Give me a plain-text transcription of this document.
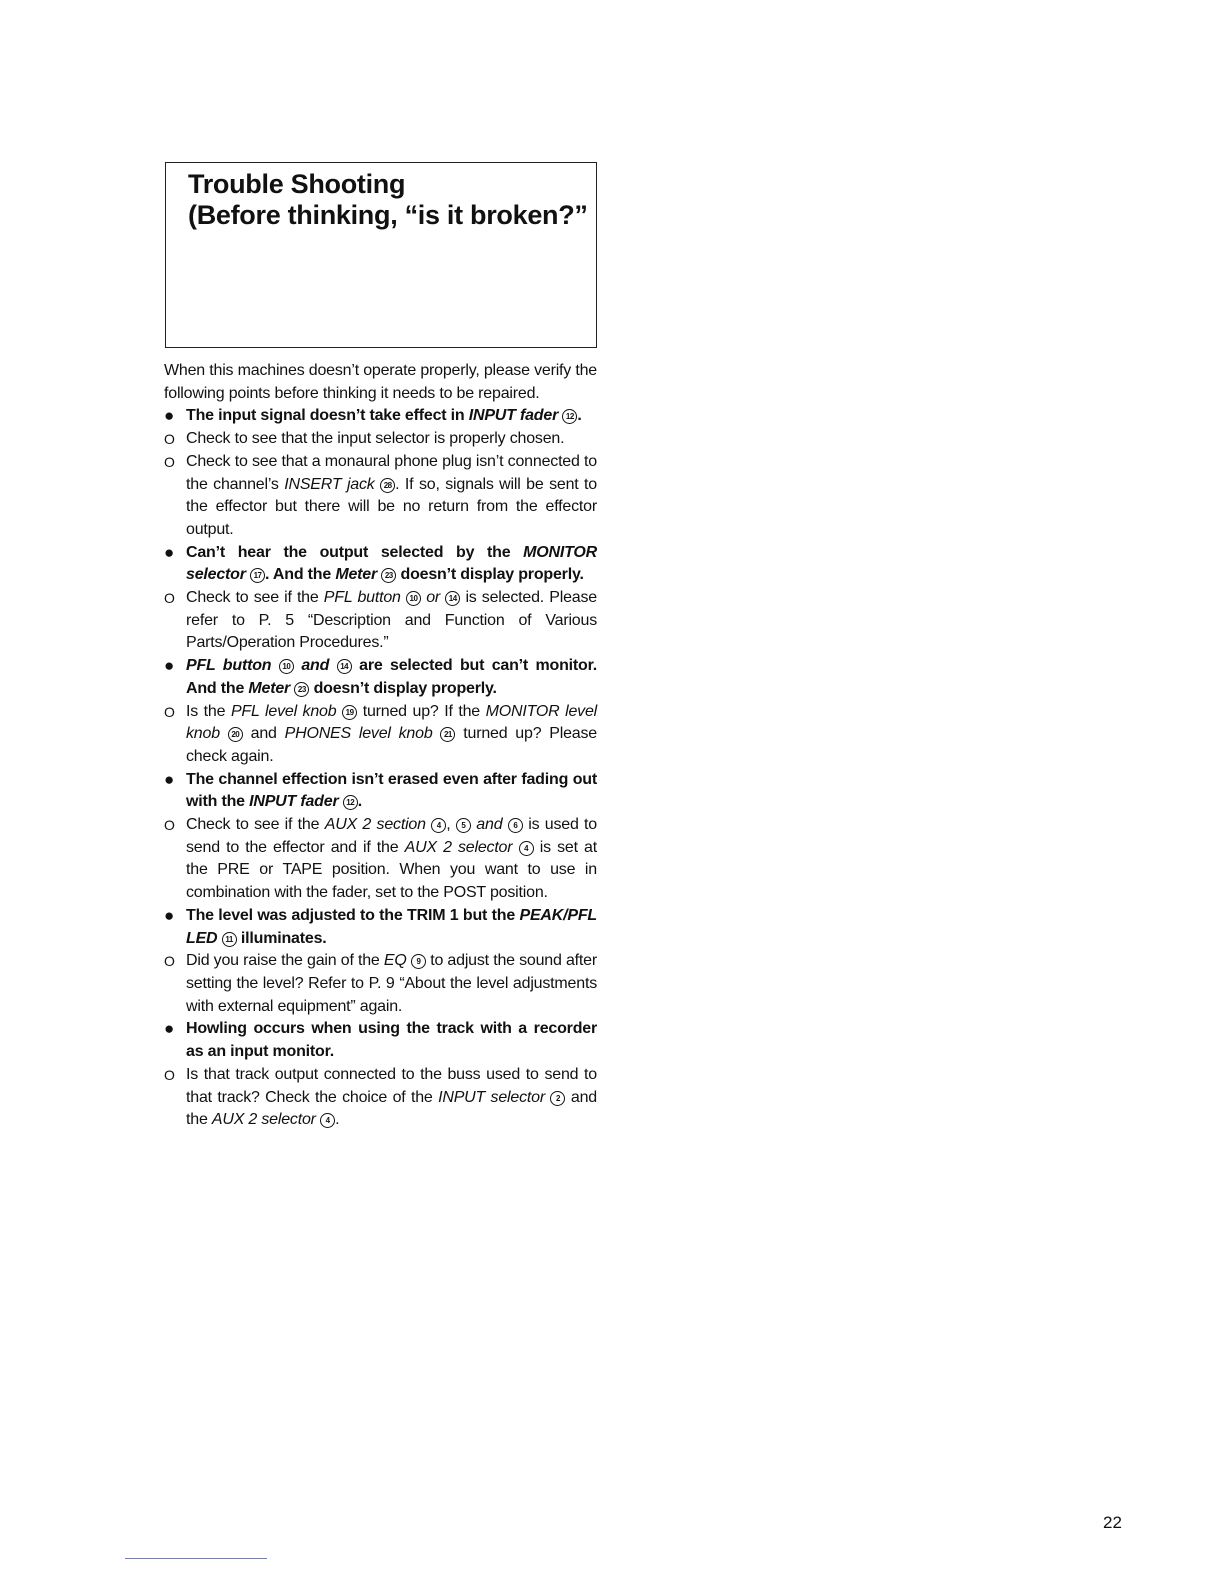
Trouble Shooting
(Before thinking, “is it broken?”

When this machines doesn’t operate properly, please verify the following points before thinking it needs to be repaired.

● The input signal doesn’t take effect in INPUT fader 12 .
O Check to see that the input selector is properly chosen.
O Check to see that a monaural phone plug isn’t connected to the channel’s INSERT jack 28 . If so, signals will be sent to the effector but there will be no return from the effector output.
● Can’t hear the output selected by the MONITOR selector 17 . And the Meter 23 doesn’t display properly.
O Check to see if the PFL button 10 or 14 is selected. Please refer to P. 5 “Description and Function of Various Parts/Operation Procedures.”
● PFL button 10 and 14 are selected but can’t monitor. And the Meter 23 doesn’t display properly.
O Is the PFL level knob 19 turned up? If the MONITOR level knob 20 and PHONES level knob 21 turned up? Please check again.
● The channel effection isn’t erased even after fading out with the INPUT fader 12 .
O Check to see if the AUX 2 section 4 , 5 and 6 is used to send to the effector and if the AUX 2 selector 4 is set at the PRE or TAPE position. When you want to use in combination with the fader, set to the POST position.
● The level was adjusted to the TRIM 1 but the PEAK/PFL LED 11 illuminates.
O Did you raise the gain of the EQ 9 to adjust the sound after setting the level? Refer to P. 9 “About the level adjustments with external equipment” again.
● Howling occurs when using the track with a recorder as an input monitor.
O Is that track output connected to the buss used to send to that track? Check the choice of the INPUT selector 2 and the AUX 2 selector 4 .
22
